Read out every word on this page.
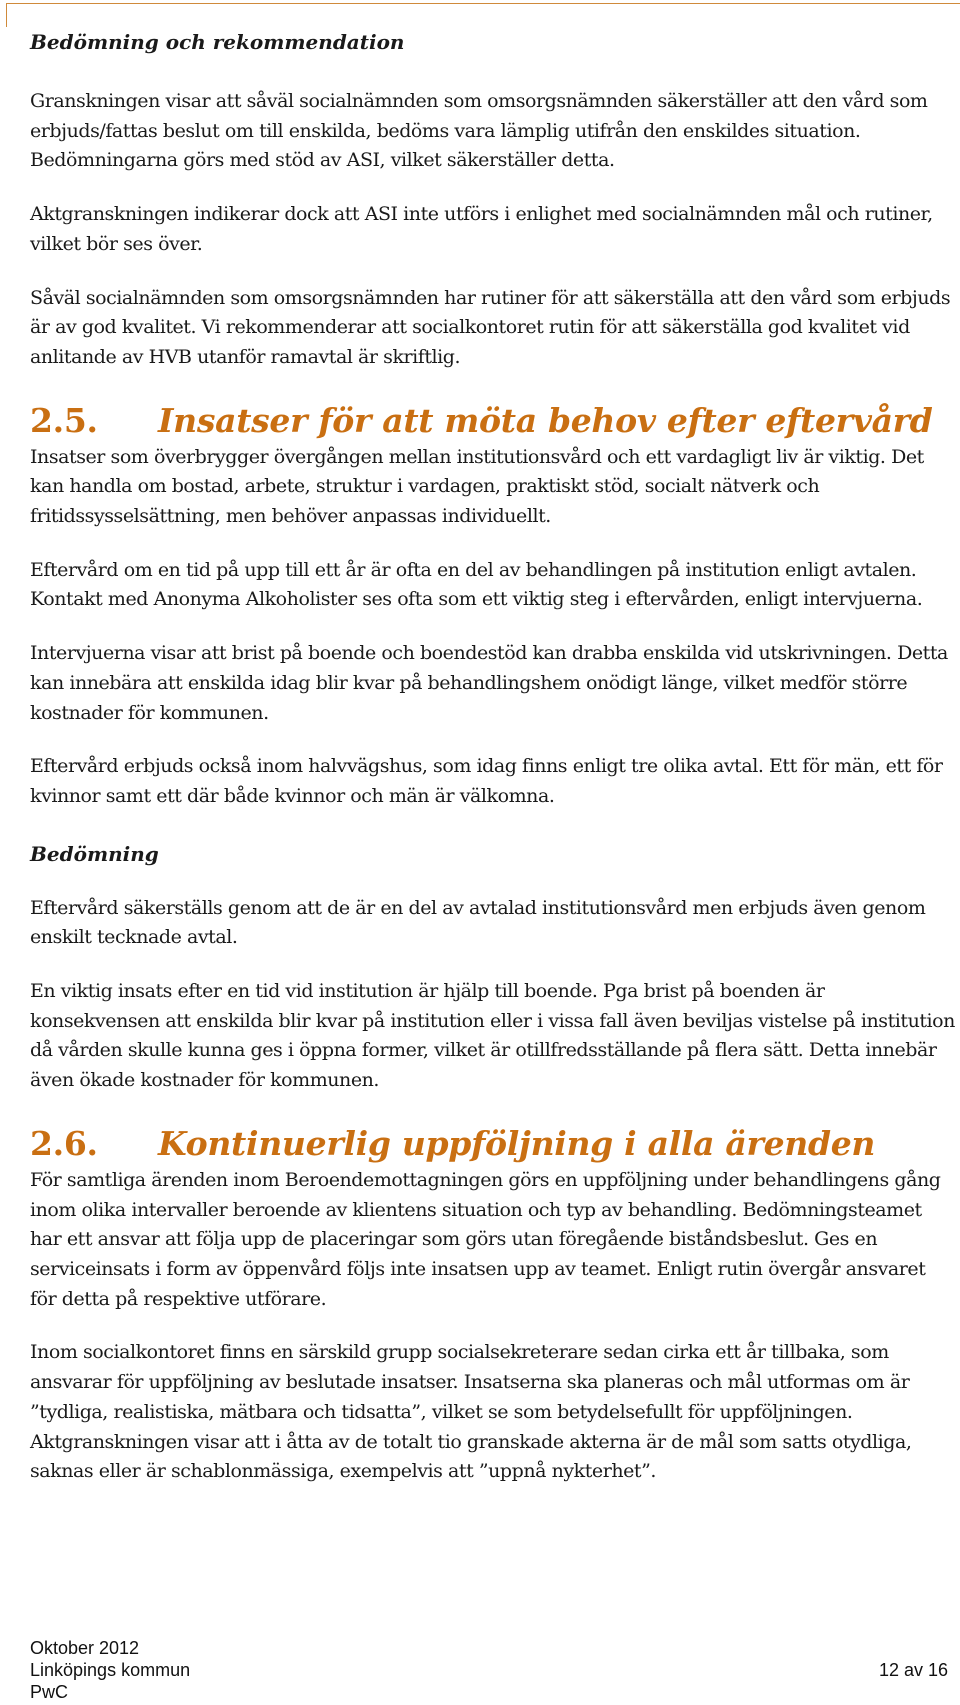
Bedömning och rekommendation

Granskningen visar att såväl socialnämnden som omsorgsnämnden säkerställer att den vård som erbjuds/fattas beslut om till enskilda, bedöms vara lämplig utifrån den enskildes situation. Bedömningarna görs med stöd av ASI, vilket säkerställer detta.

Aktgranskningen indikerar dock att ASI inte utförs i enlighet med socialnämnden mål och rutiner, vilket bör ses över.

Såväl socialnämnden som omsorgsnämnden har rutiner för att säkerställa att den vård som erbjuds är av god kvalitet. Vi rekommenderar att socialkontoret rutin för att säkerställa god kvalitet vid anlitande av HVB utanför ramavtal är skriftlig.

2.5.	Insatser för att möta behov efter eftervård

Insatser som överbrygger övergången mellan institutionsvård och ett vardagligt liv är viktig. Det kan handla om bostad, arbete, struktur i vardagen, praktiskt stöd, socialt nätverk och fritidssysselsättning, men behöver anpassas individuellt.

Eftervård om en tid på upp till ett år är ofta en del av behandlingen på institution enligt avtalen. Kontakt med Anonyma Alkoholister ses ofta som ett viktig steg i eftervården, enligt intervjuerna.

Intervjuerna visar att brist på boende och boendestöd kan drabba enskilda vid utskrivningen. Detta kan innebära att enskilda idag blir kvar på behandlingshem onödigt länge, vilket medför större kostnader för kommunen.

Eftervård erbjuds också inom halvvägshus, som idag finns enligt tre olika avtal. Ett för män, ett för kvinnor samt ett där både kvinnor och män är välkomna.

Bedömning

Eftervård säkerställs genom att de är en del av avtalad institutionsvård men erbjuds även genom enskilt tecknade avtal.

En viktig insats efter en tid vid institution är hjälp till boende. Pga brist på boenden är konsekvensen att enskilda blir kvar på institution eller i vissa fall även beviljas vistelse på institution då vården skulle kunna ges i öppna former, vilket är otillfredsställande på flera sätt. Detta innebär även ökade kostnader för kommunen.

2.6.	Kontinuerlig uppföljning i alla ärenden

För samtliga ärenden inom Beroendemottagningen görs en uppföljning under behandlingens gång inom olika intervaller beroende av klientens situation och typ av behandling. Bedömningsteamet har ett ansvar att följa upp de placeringar som görs utan föregående biståndsbeslut. Ges en serviceinsats i form av öppenvård följs inte insatsen upp av teamet. Enligt rutin övergår ansvaret för detta på respektive utförare.

Inom socialkontoret finns en särskild grupp socialsekreterare sedan cirka ett år tillbaka, som ansvarar för uppföljning av beslutade insatser. Insatserna ska planeras och mål utformas om är ”tydliga, realistiska, mätbara och tidsatta”, vilket se som betydelsefullt för uppföljningen. Aktgranskningen visar att i åtta av de totalt tio granskade akterna är de mål som satts otydliga, saknas eller är schablonmässiga, exempelvis att ”uppnå nykterhet”.

Oktober 2012
Linköpings kommun
PwC
12 av 16
